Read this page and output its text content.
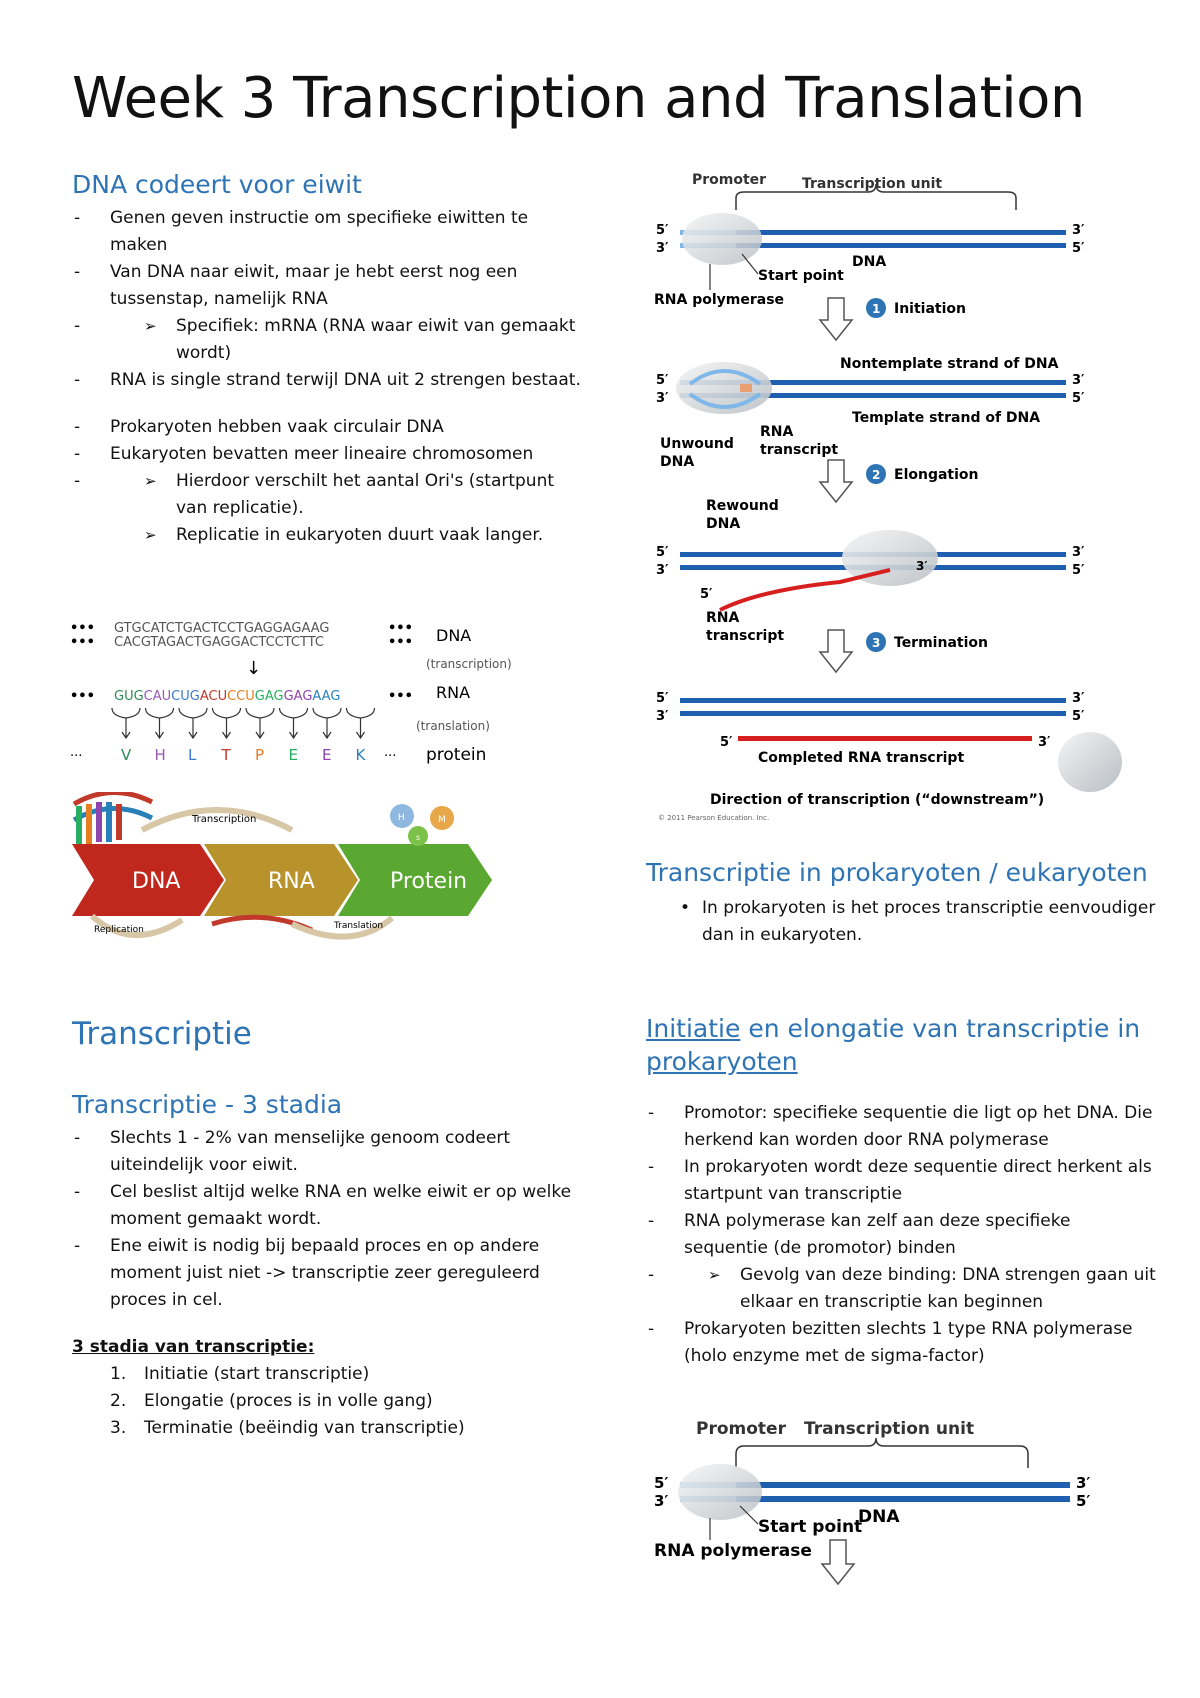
Week 3 Transcription and Translation

DNA codeert voor eiwit

- Genen geven instructie om specifieke eiwitten te maken
- Van DNA naar eiwit, maar je hebt eerst nog een tussenstap, namelijk RNA
➢ - Specifiek: mRNA (RNA waar eiwit van gemaakt wordt)
- RNA is single strand terwijl DNA uit 2 strengen bestaat.
- Prokaryoten hebben vaak circulair DNA
- Eukaryoten bevatten meer lineaire chromosomen
➢ - Hierdoor verschilt het aantal Ori's (startpunt van replicatie).
➢ Replicatie in eukaryoten duurt vaak langer.
•••
•••
GTGCATCTGACTCCTGAGGAGAAG
CACGTAGACTGAGGACTCCTCTTC
•••
••• DNA
(transcription)
↓
••• GUGCAUCUGACUCCUGAGGAGAAG	••• RNA
(translation)
···	V H L T P E E K ··· protein
Transcription
DNA	RNA	Protein
H	M
s
Replication	Translation

Transcriptie

Transcriptie - 3 stadia

- Slechts 1 - 2% van menselijke genoom codeert uiteindelijk voor eiwit.
- Cel beslist altijd welke RNA en welke eiwit er op welke moment gemaakt wordt.
- Ene eiwit is nodig bij bepaald proces en op andere moment juist niet -> transcriptie zeer gereguleerd proces in cel.
3 stadia van transcriptie:
1. Initiatie (start transcriptie)
2. Elongatie (proces is in volle gang)
3. Terminatie (beëindig van transcriptie)
Promoter	Transcription unit
5′
3′
3′
5′
DNA
Start point
RNA polymerase
1 Initiation
Nontemplate strand of DNA
5′
3′
3′
5′
Template strand of DNA
Unwound
DNA
RNA
transcript
2 Elongation
Rewound
DNA
5′
3′
3′
5′
5′
3′
RNA
transcript	3 Termination
5′
3′
3′
5′
5′	3′
Completed RNA transcript
Direction of transcription (“downstream”)
© 2011 Pearson Education, Inc.

Transcriptie in prokaryoten / eukaryoten

• In prokaryoten is het proces transcriptie eenvoudiger dan in eukaryoten.

Initiatie en elongatie van transcriptie in prokaryoten

- Promotor: specifieke sequentie die ligt op het DNA. Die herkend kan worden door RNA polymerase
- In prokaryoten wordt deze sequentie direct herkent als startpunt van transcriptie
- RNA polymerase kan zelf aan deze specifieke sequentie (de promotor) binden
➢ - Gevolg van deze binding: DNA strengen gaan uit elkaar en transcriptie kan beginnen
- Prokaryoten bezitten slechts 1 type RNA polymerase (holo enzyme met de sigma-factor)
Promoter Transcription unit
5′
3′
3′
5′
DNA
Start point
RNA polymerase
